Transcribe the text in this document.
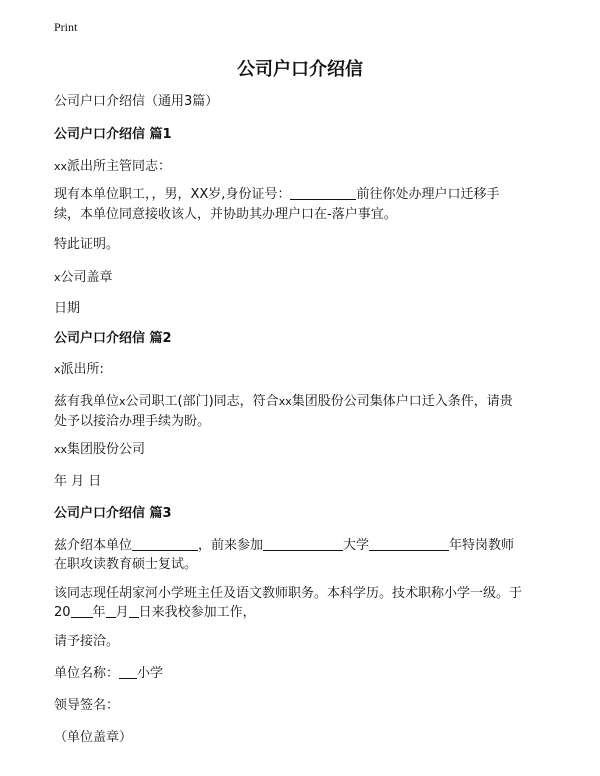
Print
公司户口介绍信
公司户口介绍信（通用3篇）
公司户口介绍信 篇1
xx派出所主管同志：
现有本单位职工，，男，XX岁,身份证号：	前往你处办理户口迁移手
续，本单位同意接收该人，并协助其办理户口在-落户事宜。
特此证明。
x公司盖章
日期
公司户口介绍信 篇2
x派出所:
兹有我单位x公司职工(部门)同志，符合xx集团股份公司集体户口迁入条件，请贵
处予以接洽办理手续为盼。
xx集团股份公司
年 月 日
公司户口介绍信 篇3
兹介绍本单位	，前来参加	大学	年特岗教师
在职攻读教育硕士复试。
该同志现任胡家河小学班主任及语文教师职务。本科学历。技术职称小学一级。于
20 年 月 日来我校参加工作，
请予接洽。
单位名称： 小学
领导签名：
（单位盖章）
